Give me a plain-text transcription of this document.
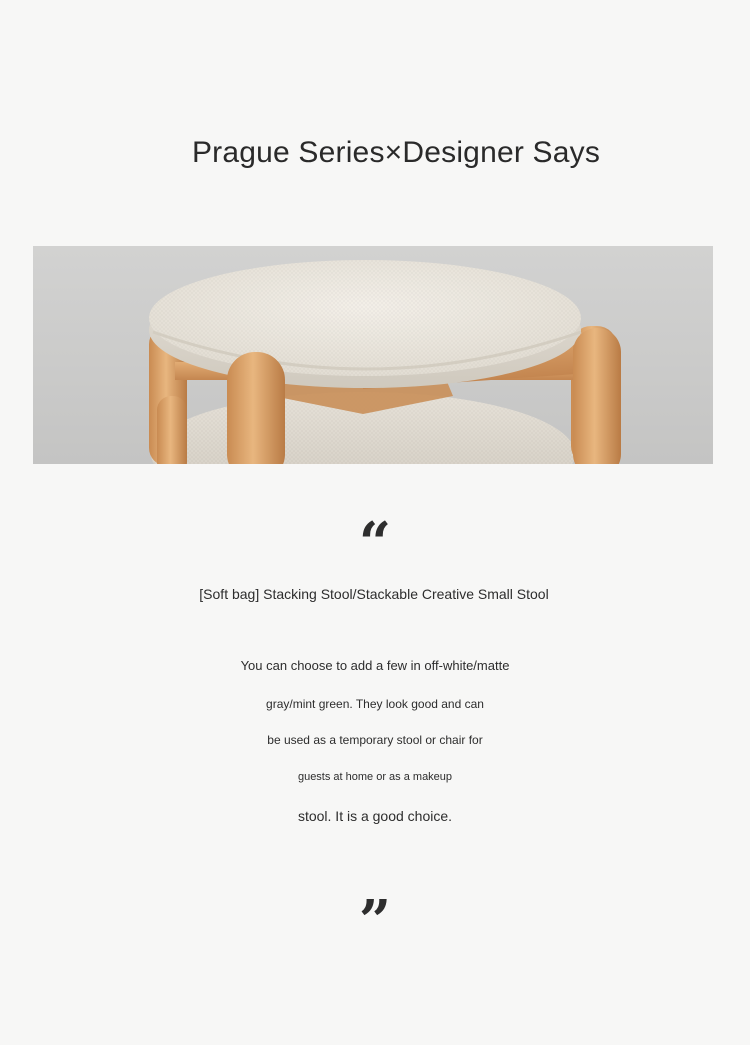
Prague Series×Designer Says
“
[Soft bag] Stacking Stool/Stackable Creative Small Stool
You can choose to add a few in off-white/matte
gray/mint green. They look good and can
be used as a temporary stool or chair for
guests at home or as a makeup
stool. It is a good choice.
”
